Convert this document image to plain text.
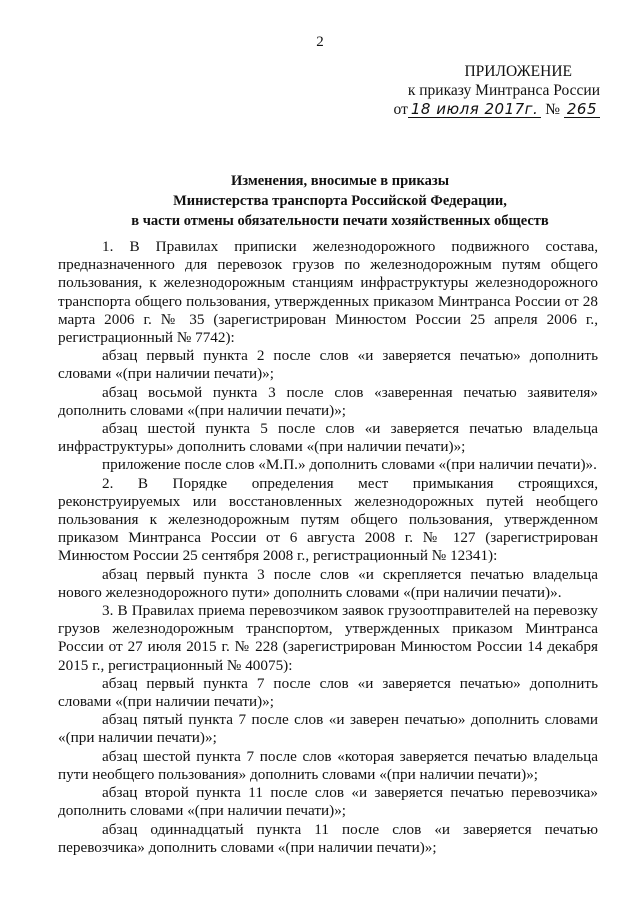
2
ПРИЛОЖЕНИЕ
к приказу Минтранса России
от 18 июля 2017г. № 265
Изменения, вносимые в приказы
Министерства транспорта Российской Федерации,
в части отмены обязательности печати хозяйственных обществ

1. В Правилах приписки железнодорожного подвижного состава, предназначенного для перевозок грузов по железнодорожным путям общего пользования, к железнодорожным станциям инфраструктуры железнодорожного транспорта общего пользования, утвержденных приказом Минтранса России от 28 марта 2006 г. № 35 (зарегистрирован Минюстом России 25 апреля 2006 г., регистрационный № 7742):

абзац первый пункта 2 после слов «и заверяется печатью» дополнить словами «(при наличии печати)»;

абзац восьмой пункта 3 после слов «заверенная печатью заявителя» дополнить словами «(при наличии печати)»;

абзац шестой пункта 5 после слов «и заверяется печатью владельца инфраструктуры» дополнить словами «(при наличии печати)»;

приложение после слов «М.П.» дополнить словами «(при наличии печати)».

2. В Порядке определения мест примыкания строящихся, реконструируемых или восстановленных железнодорожных путей необщего пользования к железнодорожным путям общего пользования, утвержденном приказом Минтранса России от 6 августа 2008 г. № 127 (зарегистрирован Минюстом России 25 сентября 2008 г., регистрационный № 12341):

абзац первый пункта 3 после слов «и скрепляется печатью владельца нового железнодорожного пути» дополнить словами «(при наличии печати)».

3. В Правилах приема перевозчиком заявок грузоотправителей на перевозку грузов железнодорожным транспортом, утвержденных приказом Минтранса России от 27 июля 2015 г. № 228 (зарегистрирован Минюстом России 14 декабря 2015 г., регистрационный № 40075):

абзац первый пункта 7 после слов «и заверяется печатью» дополнить словами «(при наличии печати)»;

абзац пятый пункта 7 после слов «и заверен печатью» дополнить словами «(при наличии печати)»;

абзац шестой пункта 7 после слов «которая заверяется печатью владельца пути необщего пользования» дополнить словами «(при наличии печати)»;

абзац второй пункта 11 после слов «и заверяется печатью перевозчика» дополнить словами «(при наличии печати)»;

абзац одиннадцатый пункта 11 после слов «и заверяется печатью перевозчика» дополнить словами «(при наличии печати)»;
